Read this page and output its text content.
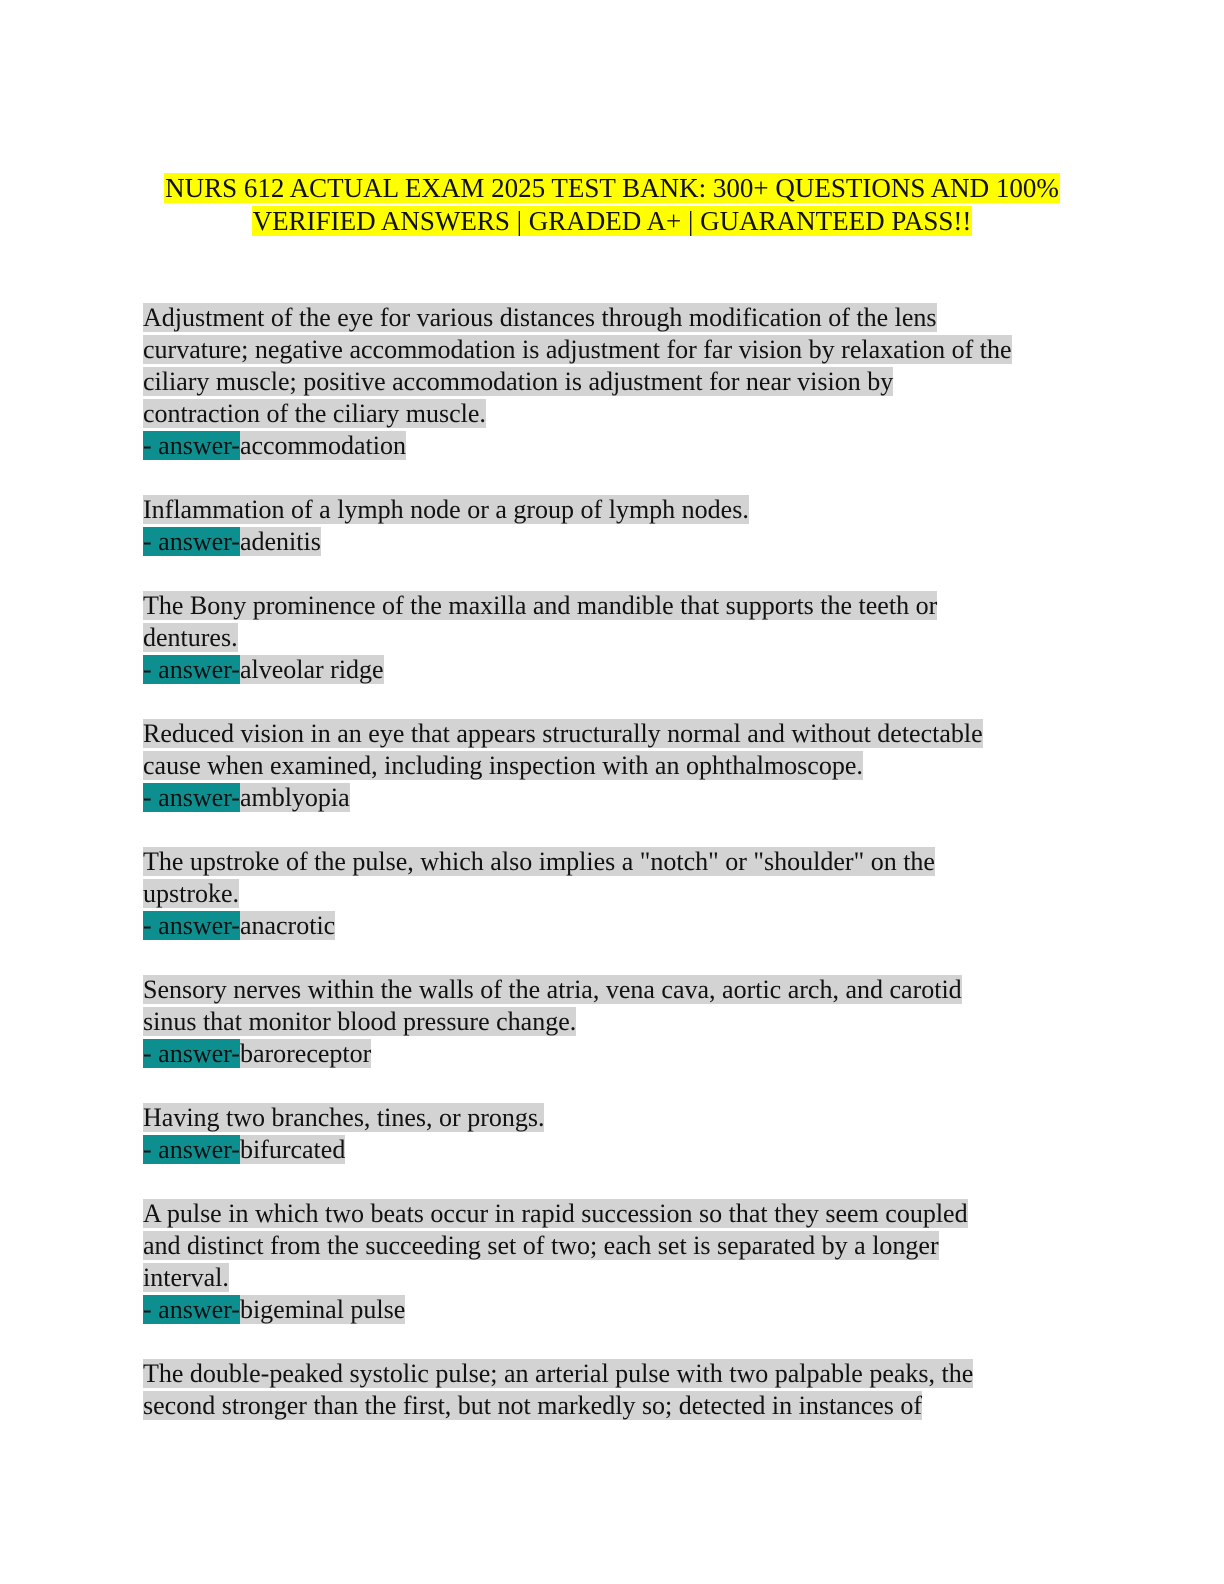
NURS 612 ACTUAL EXAM 2025 TEST BANK: 300+ QUESTIONS AND 100%
VERIFIED ANSWERS | GRADED A+ | GUARANTEED PASS!!
Adjustment of the eye for various distances through modification of the lens
curvature; negative accommodation is adjustment for far vision by relaxation of the
ciliary muscle; positive accommodation is adjustment for near vision by
contraction of the ciliary muscle.
- answer-accommodation
Inflammation of a lymph node or a group of lymph nodes.
- answer-adenitis
The Bony prominence of the maxilla and mandible that supports the teeth or
dentures.
- answer-alveolar ridge
Reduced vision in an eye that appears structurally normal and without detectable
cause when examined, including inspection with an ophthalmoscope.
- answer-amblyopia
The upstroke of the pulse, which also implies a "notch" or "shoulder" on the
upstroke.
- answer-anacrotic
Sensory nerves within the walls of the atria, vena cava, aortic arch, and carotid
sinus that monitor blood pressure change.
- answer-baroreceptor
Having two branches, tines, or prongs.
- answer-bifurcated
A pulse in which two beats occur in rapid succession so that they seem coupled
and distinct from the succeeding set of two; each set is separated by a longer
interval.
- answer-bigeminal pulse
The double-peaked systolic pulse; an arterial pulse with two palpable peaks, the
second stronger than the first, but not markedly so; detected in instances of
